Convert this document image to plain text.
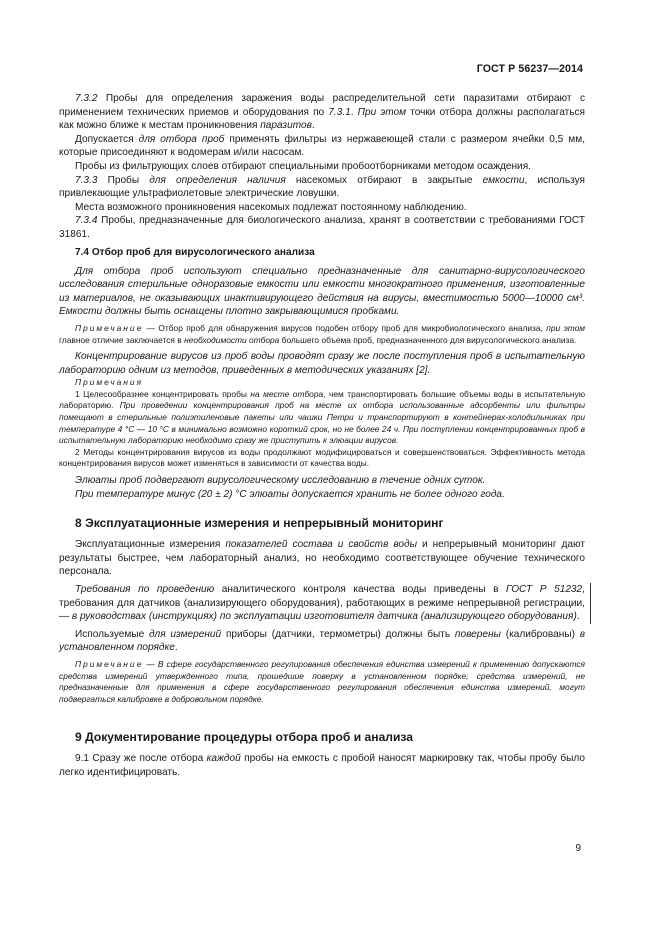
ГОСТ Р 56237—2014

7.3.2 Пробы для определения заражения воды распределительной сети паразитами отбирают с применением технических приемов и оборудования по 7.3.1. При этом точки отбора должны располагаться как можно ближе к местам проникновения паразитов.

Допускается для отбора проб применять фильтры из нержавеющей стали с размером ячейки 0,5 мм, которые присоединяют к водомерам и/или насосам.

Пробы из фильтрующих слоев отбирают специальными пробоотборниками методом осаждения.

7.3.3 Пробы для определения наличия насекомых отбирают в закрытые емкости, используя привлекающие ультрафиолетовые электрические ловушки.

Места возможного проникновения насекомых подлежат постоянному наблюдению.

7.3.4 Пробы, предназначенные для биологического анализа, хранят в соответствии с требованиями ГОСТ 31861.

7.4 Отбор проб для вирусологического анализа

Для отбора проб используют специально предназначенные для санитарно-вирусологического исследования стерильные одноразовые емкости или емкости многократного применения, изготовленные из материалов, не оказывающих инактивирующего действия на вирусы, вместимостью 5000—10000 см³. Емкости должны быть оснащены плотно закрывающимися пробками.

Примечание — Отбор проб для обнаружения вирусов подобен отбору проб для микробиологического анализа, при этом главное отличие заключается в необходимости отбора большего объема проб, предназначенного для вирусологического анализа.

Концентрирование вирусов из проб воды проводят сразу же после поступления проб в испытательную лабораторию одним из методов, приведенных в методических указаниях [2].

Примечания

1 Целесообразнее концентрировать пробы на месте отбора, чем транспортировать большие объемы воды в испытательную лабораторию. При проведении концентрирования проб на месте их отбора использованные адсорбенты или фильтры помещают в стерильные полиэтиленовые пакеты или чашки Петри и транспортируют в контейнерах-холодильниках при температуре 4 °С — 10 °С в минимально возможно короткий срок, но не более 24 ч. При поступлении концентрированных проб в испытательную лабораторию необходимо сразу же приступить к элюации вирусов.

2 Методы концентрирования вирусов из воды продолжают модифицироваться и совершенствоваться. Эффективность метода концентрирования вирусов может изменяться в зависимости от качества воды.

Элюаты проб подвергают вирусологическому исследованию в течение одних суток.

При температуре минус (20 ± 2) °С элюаты допускается хранить не более одного года.

8 Эксплуатационные измерения и непрерывный мониторинг

Эксплуатационные измерения показателей состава и свойств воды и непрерывный мониторинг дают результаты быстрее, чем лабораторный анализ, но необходимо соответствующее обучение технического персонала.

Требования по проведению аналитического контроля качества воды приведены в ГОСТ Р 51232, требования для датчиков (анализирующего оборудования), работающих в режиме непрерывной регистрации, — в руководствах (инструкциях) по эксплуатации изготовителя датчика (анализирующего оборудования).

Используемые для измерений приборы (датчики, термометры) должны быть поверены (калиброваны) в установленном порядке.

Примечание — В сфере государственного регулирования обеспечения единства измерений к применению допускаются средства измерений утвержденного типа, прошедшие поверку в установленном порядке; средства измерений, не предназначенные для применения в сфере государственного регулирования обеспечения единства измерений, могут подвергаться калибровке в добровольном порядке.

9 Документирование процедуры отбора проб и анализа

9.1 Сразу же после отбора каждой пробы на емкость с пробой наносят маркировку так, чтобы пробу было легко идентифицировать.

9
